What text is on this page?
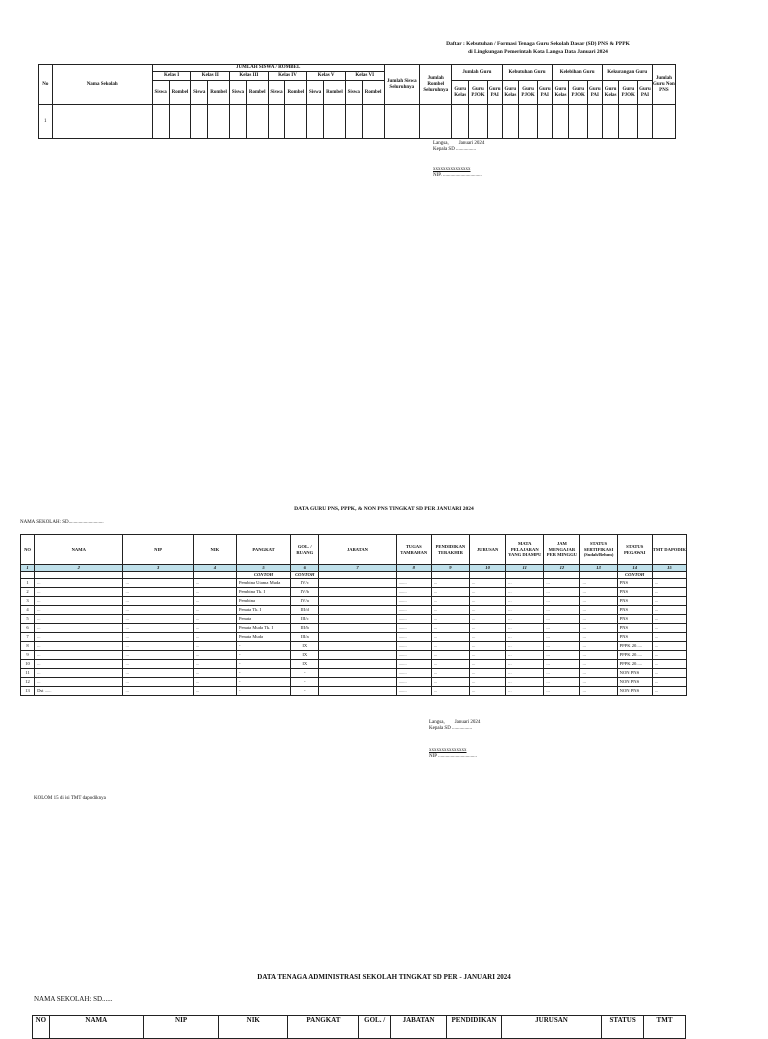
Daftar : Kebutuhan / Formasi Tenaga Guru Sekolah Dasar (SD) PNS & PPPK
di Lingkungan Pemerintah Kota Langsa Data Januari 2024
No	Nama Sekolah	JUMLAH SISWA / ROMBEL												Jumlah Siswa Seluruhnya	Jumlah Rombel Seluruhnya	Jumlah Guru			Kebutuhan Guru			Kelebihan Guru			Kekurangan Guru			Jumlah Guru Non PNS
		Kelas I		Kelas II		Kelas III		Kelas IV		Kelas V		Kelas VI																
		Siswa	Rombel	Siswa	Rombel	Siswa	Rombel	Siswa	Rombel	Siswa	Rombel	Siswa	Rombel			Guru Kelas	Guru PJOK	Guru PAI	Guru Kelas	Guru PJOK	Guru PAI	Guru Kelas	Guru PJOK	Guru PAI	Guru Kelas	Guru PJOK	Guru PAI	
1																												
Langsa,        Januari 2024
Kepala SD ................
xxxxxxxxxxxxxxx
NIP. ...............................
DATA GURU PNS, PPPK, & NON PNS TINGKAT SD PER JANUARI 2024
NAMA SEKOLAH: SD............................
NO	NAMA	NIP	NIK	PANGKAT	GOL. / RUANG	JABATAN	TUGAS TAMBAHAN	PENDIDIKAN TERAKHIR	JURUSAN	MATA PELAJARAN YANG DIAMPU	JAM MENGAJAR PER MINGGU	STATUS SERTIFIKASI (Sudah/Belum)	STATUS PEGAWAI	TMT DAPODIK
1	2	3	4	5	6	7	8	9	10	11	12	13	14	15
				CONTOH	CONTOH								CONTOH	
1	...	...	...	Pembina Utama Muda	IV/c		.......	...	...	...	...	...	PNS	...
2	...	...	...	Pembina Tk. I	IV/b		.......	...	...	...	...	...	PNS	...
3	...	...	...	Pembina	IV/a		.......	...	...	...	...	...	PNS	...
4	...	...	...	Penata Tk. I	III/d		.......	...	...	...	...	...	PNS	...
5	...	...	...	Penata	III/c		.......	...	...	...	...	...	PNS	...
6	...	...	...	Penata Muda Tk. I	III/b		.......	...	...	...	...	...	PNS	...
7	...	...	...	Penata Muda	III/a		.......	...	...	...	...	...	PNS	...
8	...	...	...	-	IX		.......	...	...	...	...	...	PPPK 20.....	...
9	...	...	...	-	IX		.......	...	...	...	...	...	PPPK 20.....	...
10	...	...	...	-	IX		.......	...	...	...	...	...	PPPK 20.....	...
11	...	...	...	-	-		.......	...	...	...	...	...	NON PNS	...
12	...	...	...	-	-		.......	...	...	...	...	...	NON PNS	...
13	Dst ......	...	...	-	-		.......	...	...	...	...	...	NON PNS	...
Langsa,        Januari 2024
Kepala SD ................
xxxxxxxxxxxxxxx
NIP ...............................
KOLOM 15 di isi TMT dapodiknya
DATA TENAGA ADMINISTRASI SEKOLAH TINGKAT SD PER - JANUARI 2024
NAMA SEKOLAH: SD......
NO	NAMA	NIP	NIK	PANGKAT	GOL. /	JABATAN	PENDIDIKAN	JURUSAN	STATUS	TMT
